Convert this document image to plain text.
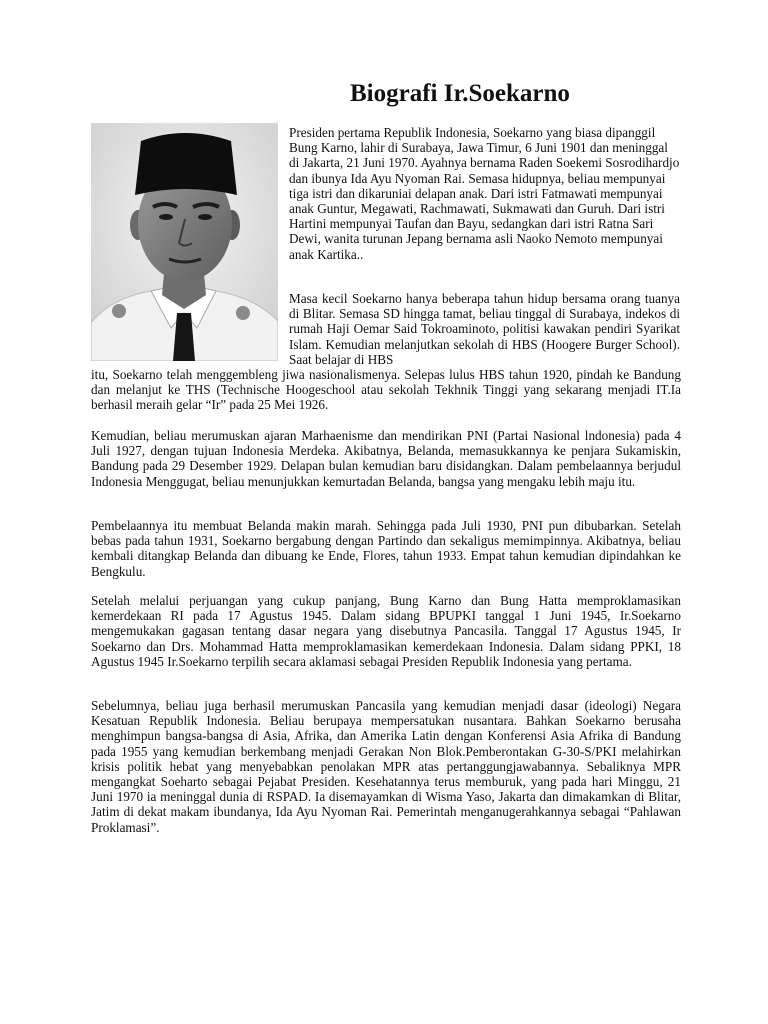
Biografi Ir.Soekarno

Presiden pertama Republik Indonesia, Soekarno yang biasa dipanggil Bung Karno, lahir di Surabaya, Jawa Timur, 6 Juni 1901 dan meninggal di Jakarta, 21 Juni 1970. Ayahnya bernama Raden Soekemi Sosrodihardjo dan ibunya Ida Ayu Nyoman Rai. Semasa hidupnya, beliau mempunyai tiga istri dan dikaruniai delapan anak. Dari istri Fatmawati mempunyai anak Guntur, Megawati, Rachmawati, Sukmawati dan Guruh. Dari istri Hartini mempunyai Taufan dan Bayu, sedangkan dari istri Ratna Sari Dewi, wanita turunan Jepang bernama asli Naoko Nemoto mempunyai anak Kartika..

Masa kecil Soekarno hanya beberapa tahun hidup bersama orang tuanya di Blitar. Semasa SD hingga tamat, beliau tinggal di Surabaya, indekos di rumah Haji Oemar Said Tokroaminoto, politisi kawakan pendiri Syarikat Islam. Kemudian melanjutkan sekolah di HBS (Hoogere Burger School). Saat belajar di HBS

itu, Soekarno telah menggembleng jiwa nasionalismenya. Selepas lulus HBS tahun 1920, pindah ke Bandung dan melanjut ke THS (Technische Hoogeschool atau sekolah Tekhnik Tinggi yang sekarang menjadi IT.Ia berhasil meraih gelar “Ir” pada 25 Mei 1926.

Kemudian, beliau merumuskan ajaran Marhaenisme dan mendirikan PNI (Partai Nasional lndonesia) pada 4 Juli 1927, dengan tujuan Indonesia Merdeka. Akibatnya, Belanda, memasukkannya ke penjara Sukamiskin, Bandung pada 29 Desember 1929. Delapan bulan kemudian baru disidangkan. Dalam pembelaannya berjudul Indonesia Menggugat, beliau menunjukkan kemurtadan Belanda, bangsa yang mengaku lebih maju itu.

Pembelaannya itu membuat Belanda makin marah. Sehingga pada Juli 1930, PNI pun dibubarkan. Setelah bebas pada tahun 1931, Soekarno bergabung dengan Partindo dan sekaligus memimpinnya. Akibatnya, beliau kembali ditangkap Belanda dan dibuang ke Ende, Flores, tahun 1933. Empat tahun kemudian dipindahkan ke Bengkulu.

Setelah melalui perjuangan yang cukup panjang, Bung Karno dan Bung Hatta memproklamasikan kemerdekaan RI pada 17 Agustus 1945. Dalam sidang BPUPKI tanggal 1 Juni 1945, Ir.Soekarno mengemukakan gagasan tentang dasar negara yang disebutnya Pancasila. Tanggal 17 Agustus 1945, Ir Soekarno dan Drs. Mohammad Hatta memproklamasikan kemerdekaan Indonesia. Dalam sidang PPKI, 18 Agustus 1945 Ir.Soekarno terpilih secara aklamasi sebagai Presiden Republik Indonesia yang pertama.

Sebelumnya, beliau juga berhasil merumuskan Pancasila yang kemudian menjadi dasar (ideologi) Negara Kesatuan Republik Indonesia. Beliau berupaya mempersatukan nusantara. Bahkan Soekarno berusaha menghimpun bangsa-bangsa di Asia, Afrika, dan Amerika Latin dengan Konferensi Asia Afrika di Bandung pada 1955 yang kemudian berkembang menjadi Gerakan Non Blok.Pemberontakan G-30-S/PKI melahirkan krisis politik hebat yang menyebabkan penolakan MPR atas pertanggungjawabannya. Sebaliknya MPR mengangkat Soeharto sebagai Pejabat Presiden. Kesehatannya terus memburuk, yang pada hari Minggu, 21 Juni 1970 ia meninggal dunia di RSPAD. Ia disemayamkan di Wisma Yaso, Jakarta dan dimakamkan di Blitar, Jatim di dekat makam ibundanya, Ida Ayu Nyoman Rai. Pemerintah menganugerahkannya sebagai “Pahlawan Proklamasi”.
